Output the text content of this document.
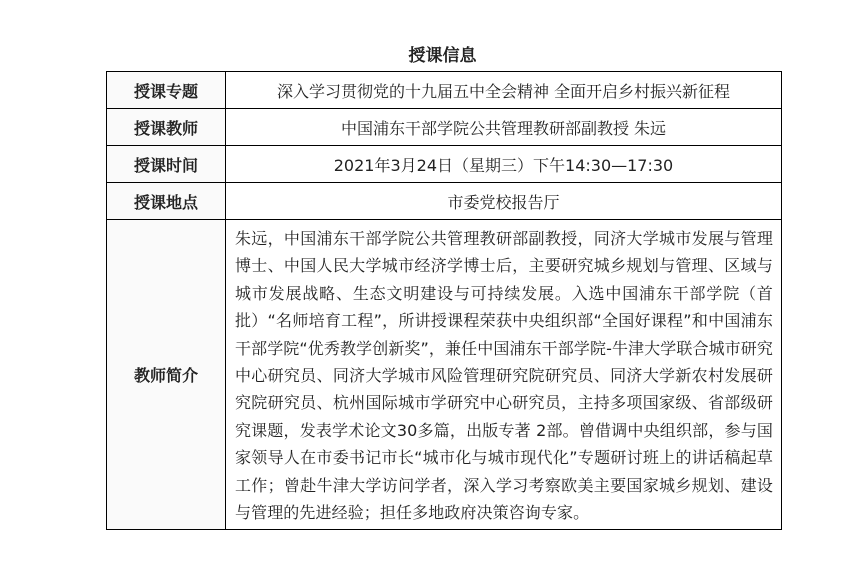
授课信息
授课专题	深入学习贯彻党的十九届五中全会精神 全面开启乡村振兴新征程
授课教师	中国浦东干部学院公共管理教研部副教授 朱远
授课时间	2021年3月24日（星期三）下午14:30—17:30
授课地点	市委党校报告厅
教师简介	朱远，中国浦东干部学院公共管理教研部副教授，同济大学城市发展与管理博士、中国人民大学城市经济学博士后，主要研究城乡规划与管理、区域与城市发展战略、生态文明建设与可持续发展。入选中国浦东干部学院（首批）“名师培育工程”，所讲授课程荣获中央组织部“全国好课程”和中国浦东干部学院“优秀教学创新奖”，兼任中国浦东干部学院-牛津大学联合城市研究中心研究员、同济大学城市风险管理研究院研究员、同济大学新农村发展研究院研究员、杭州国际城市学研究中心研究员，主持多项国家级、省部级研究课题，发表学术论文30多篇，出版专著 2部。曾借调中央组织部，参与国家领导人在市委书记市长“城市化与城市现代化”专题研讨班上的讲话稿起草工作；曾赴牛津大学访问学者，深入学习考察欧美主要国家城乡规划、建设与管理的先进经验；担任多地政府决策咨询专家。
